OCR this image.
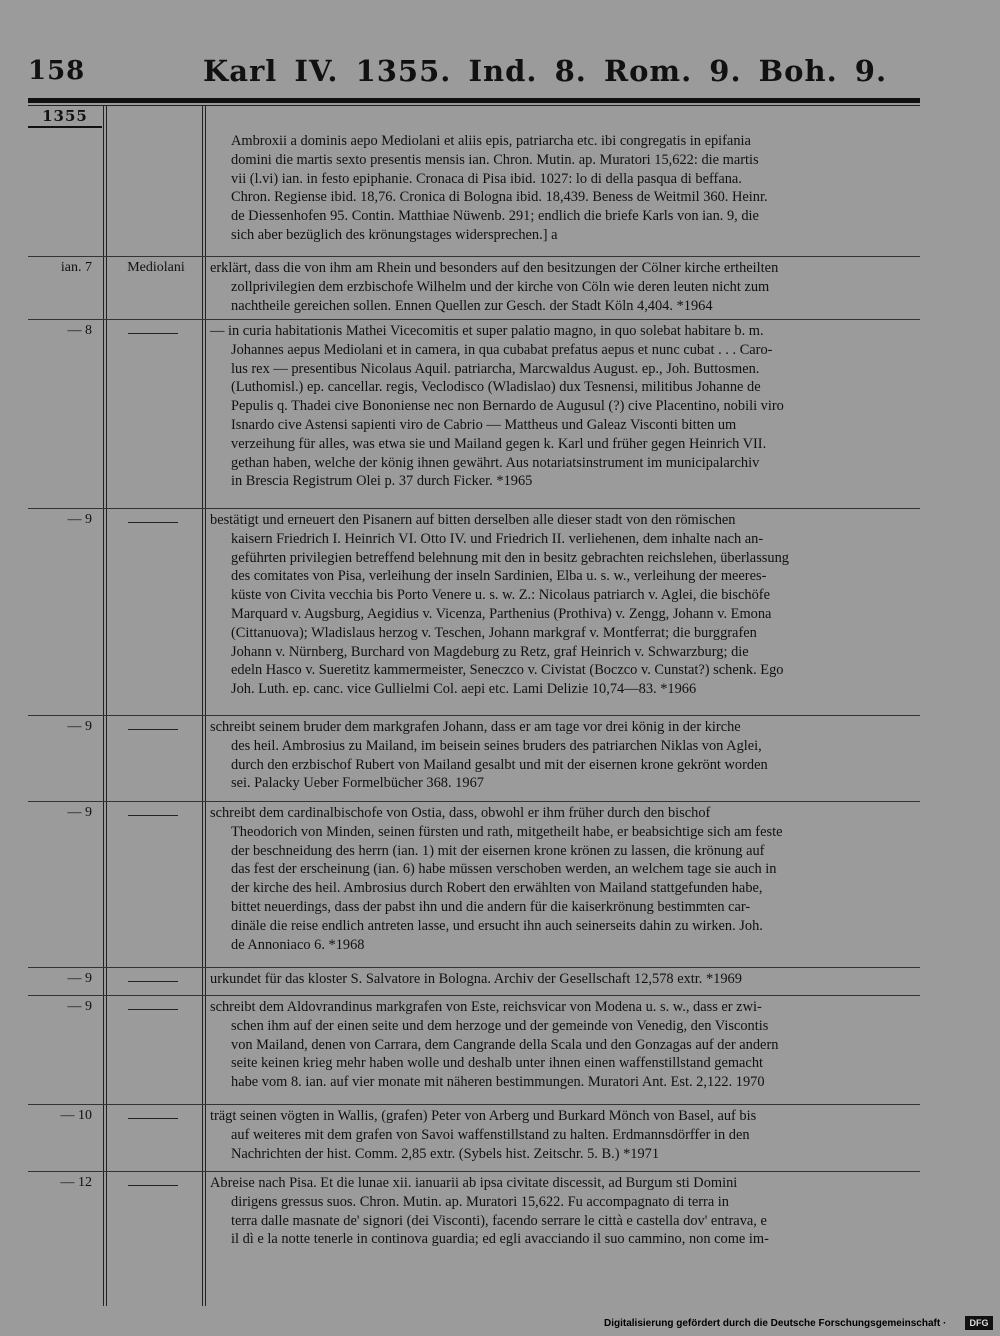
158	Karl IV. 1355. Ind. 8. Rom. 9. Boh. 9.
1355
Ambroxii a dominis aepo Mediolani et aliis epis, patriarcha etc. ibi congregatis in epifania
domini die martis sexto presentis mensis ian. Chron. Mutin. ap. Muratori 15,622: die martis
vii (l.vi) ian. in festo epiphanie. Cronaca di Pisa ibid. 1027: lo di della pasqua di beffana.
Chron. Regiense ibid. 18,76. Cronica di Bologna ibid. 18,439. Beness de Weitmil 360. Heinr.
de Diessenhofen 95. Contin. Matthiae Nüwenb. 291; endlich die briefe Karls von ian. 9, die
sich aber bezüglich des krönungstages widersprechen.] a
ian. 7	Mediolani	erklärt, dass die von ihm am Rhein und besonders auf den besitzungen der Cölner kirche ertheilten
zollprivilegien dem erzbischofe Wilhelm und der kirche von Cöln wie deren leuten nicht zum
nachtheile gereichen sollen. Ennen Quellen zur Gesch. der Stadt Köln 4,404. *1964
— 8	— in curia habitationis Mathei Vicecomitis et super palatio magno, in quo solebat habitare b. m.
Johannes aepus Mediolani et in camera, in qua cubabat prefatus aepus et nunc cubat . . . Caro-
lus rex — presentibus Nicolaus Aquil. patriarcha, Marcwaldus August. ep., Joh. Buttosmen.
(Luthomisl.) ep. cancellar. regis, Veclodisco (Wladislao) dux Tesnensi, militibus Johanne de
Pepulis q. Thadei cive Bononiense nec non Bernardo de Augusul (?) cive Placentino, nobili viro
Isnardo cive Astensi sapienti viro de Cabrio — Mattheus und Galeaz Visconti bitten um
verzeihung für alles, was etwa sie und Mailand gegen k. Karl und früher gegen Heinrich VII.
gethan haben, welche der könig ihnen gewährt. Aus notariatsinstrument im municipalarchiv
in Brescia Registrum Olei p. 37 durch Ficker. *1965
— 9	bestätigt und erneuert den Pisanern auf bitten derselben alle dieser stadt von den römischen
kaisern Friedrich I. Heinrich VI. Otto IV. und Friedrich II. verliehenen, dem inhalte nach an-
geführten privilegien betreffend belehnung mit den in besitz gebrachten reichslehen, überlassung
des comitates von Pisa, verleihung der inseln Sardinien, Elba u. s. w., verleihung der meeres-
küste von Civita vecchia bis Porto Venere u. s. w. Z.: Nicolaus patriarch v. Aglei, die bischöfe
Marquard v. Augsburg, Aegidius v. Vicenza, Parthenius (Prothiva) v. Zengg, Johann v. Emona
(Cittanuova); Wladislaus herzog v. Teschen, Johann markgraf v. Montferrat; die burggrafen
Johann v. Nürnberg, Burchard von Magdeburg zu Retz, graf Heinrich v. Schwarzburg; die
edeln Hasco v. Sueretitz kammermeister, Seneczco v. Civistat (Boczco v. Cunstat?) schenk. Ego
Joh. Luth. ep. canc. vice Gullielmi Col. aepi etc. Lami Delizie 10,74—83. *1966
— 9	schreibt seinem bruder dem markgrafen Johann, dass er am tage vor drei könig in der kirche
des heil. Ambrosius zu Mailand, im beisein seines bruders des patriarchen Niklas von Aglei,
durch den erzbischof Rubert von Mailand gesalbt und mit der eisernen krone gekrönt worden
sei. Palacky Ueber Formelbücher 368. 1967
— 9	schreibt dem cardinalbischofe von Ostia, dass, obwohl er ihm früher durch den bischof
Theodorich von Minden, seinen fürsten und rath, mitgetheilt habe, er beabsichtige sich am feste
der beschneidung des herrn (ian. 1) mit der eisernen krone krönen zu lassen, die krönung auf
das fest der erscheinung (ian. 6) habe müssen verschoben werden, an welchem tage sie auch in
der kirche des heil. Ambrosius durch Robert den erwählten von Mailand stattgefunden habe,
bittet neuerdings, dass der pabst ihn und die andern für die kaiserkrönung bestimmten car-
dinäle die reise endlich antreten lasse, und ersucht ihn auch seinerseits dahin zu wirken. Joh.
de Annoniaco 6. *1968
— 9	urkundet für das kloster S. Salvatore in Bologna. Archiv der Gesellschaft 12,578 extr. *1969
— 9	schreibt dem Aldovrandinus markgrafen von Este, reichsvicar von Modena u. s. w., dass er zwi-
schen ihm auf der einen seite und dem herzoge und der gemeinde von Venedig, den Viscontis
von Mailand, denen von Carrara, dem Cangrande della Scala und den Gonzagas auf der andern
seite keinen krieg mehr haben wolle und deshalb unter ihnen einen waffenstillstand gemacht
habe vom 8. ian. auf vier monate mit näheren bestimmungen. Muratori Ant. Est. 2,122. 1970
— 10	trägt seinen vögten in Wallis, (grafen) Peter von Arberg und Burkard Mönch von Basel, auf bis
auf weiteres mit dem grafen von Savoi waffenstillstand zu halten. Erdmannsdörffer in den
Nachrichten der hist. Comm. 2,85 extr. (Sybels hist. Zeitschr. 5. B.) *1971
— 12	Abreise nach Pisa. Et die lunae xii. ianuarii ab ipsa civitate discessit, ad Burgum sti Domini
dirigens gressus suos. Chron. Mutin. ap. Muratori 15,622. Fu accompagnato di terra in
terra dalle masnate de' signori (dei Visconti), facendo serrare le città e castella dov' entrava, e
il dì e la notte tenerle in continova guardia; ed egli avacciando il suo cammino, non come im-
Digitalisierung gefördert durch die Deutsche Forschungsgemeinschaft ·	DFG
